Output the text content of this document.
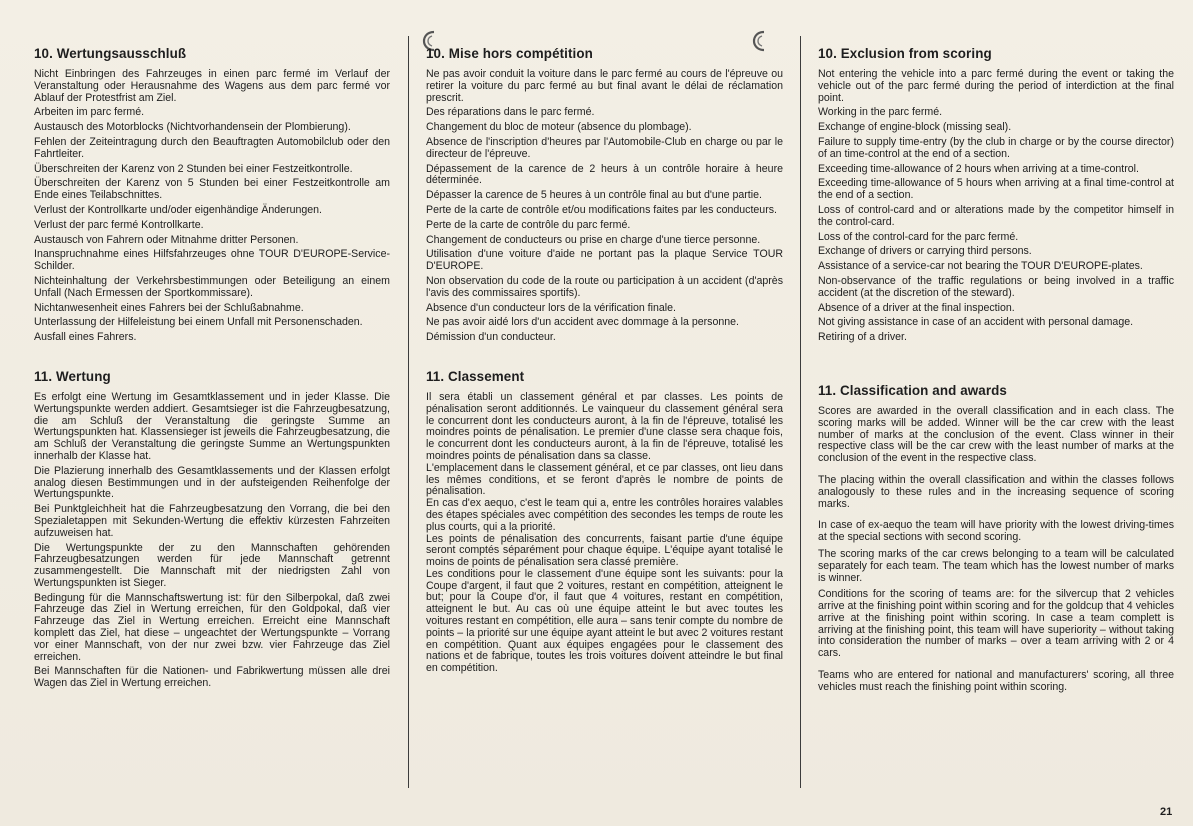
10. Wertungsausschluß
Nicht Einbringen des Fahrzeuges in einen parc fermé im Verlauf der Veranstaltung oder Herausnahme des Wagens aus dem parc fermé vor Ablauf der Protestfrist am Ziel.
Arbeiten im parc fermé.
Austausch des Motorblocks (Nichtvorhandensein der Plombierung).
Fehlen der Zeiteintragung durch den Beauftragten Automobilclub oder den Fahrtleiter.
Überschreiten der Karenz von 2 Stunden bei einer Festzeitkontrolle.
Überschreiten der Karenz von 5 Stunden bei einer Festzeitkontrolle am Ende eines Teilabschnittes.
Verlust der Kontrollkarte und/oder eigenhändige Änderungen.
Verlust der parc fermé Kontrollkarte.
Austausch von Fahrern oder Mitnahme dritter Personen.
Inanspruchnahme eines Hilfsfahrzeuges ohne TOUR D'EUROPE-Service-Schilder.
Nichteinhaltung der Verkehrsbestimmungen oder Beteiligung an einem Unfall (Nach Ermessen der Sportkommissare).
Nichtanwesenheit eines Fahrers bei der Schlußabnahme.
Unterlassung der Hilfeleistung bei einem Unfall mit Personenschaden.
Ausfall eines Fahrers.
11. Wertung
Es erfolgt eine Wertung im Gesamtklassement und in jeder Klasse. Die Wertungspunkte werden addiert. Gesamtsieger ist die Fahrzeugbesatzung, die am Schluß der Veranstaltung die geringste Summe an Wertungspunkten hat. Klassensieger ist jeweils die Fahrzeugbesatzung, die am Schluß der Veranstaltung die geringste Summe an Wertungspunkten innerhalb der Klasse hat.
Die Plazierung innerhalb des Gesamtklassements und der Klassen erfolgt analog diesen Bestimmungen und in der aufsteigenden Reihenfolge der Wertungspunkte.
Bei Punktgleichheit hat die Fahrzeugbesatzung den Vorrang, die bei den Spezialetappen mit Sekunden-Wertung die effektiv kürzesten Fahrzeiten aufzuweisen hat.
Die Wertungspunkte der zu den Mannschaften gehörenden Fahrzeugbesatzungen werden für jede Mannschaft getrennt zusammengestellt. Die Mannschaft mit der niedrigsten Zahl von Wertungspunkten ist Sieger.
Bedingung für die Mannschaftswertung ist: für den Silberpokal, daß zwei Fahrzeuge das Ziel in Wertung erreichen, für den Goldpokal, daß vier Fahrzeuge das Ziel in Wertung erreichen. Erreicht eine Mannschaft komplett das Ziel, hat diese – ungeachtet der Wertungspunkte – Vorrang vor einer Mannschaft, von der nur zwei bzw. vier Fahrzeuge das Ziel erreichen.
Bei Mannschaften für die Nationen- und Fabrikwertung müssen alle drei Wagen das Ziel in Wertung erreichen.
10. Mise hors compétition
Ne pas avoir conduit la voiture dans le parc fermé au cours de l'épreuve ou retirer la voiture du parc fermé au but final avant le délai de réclamation prescrit.
Des réparations dans le parc fermé.
Changement du bloc de moteur (absence du plombage).
Absence de l'inscription d'heures par l'Automobile-Club en charge ou par le directeur de l'épreuve.
Dépassement de la carence de 2 heurs à un contrôle horaire à heure déterminée.
Dépasser la carence de 5 heures à un contrôle final au but d'une partie.
Perte de la carte de contrôle et/ou modifications faites par les conducteurs.
Perte de la carte de contrôle du parc fermé.
Changement de conducteurs ou prise en charge d'une tierce personne.
Utilisation d'une voiture d'aide ne portant pas la plaque Service TOUR D'EUROPE.
Non observation du code de la route ou participation à un accident (d'après l'avis des commissaires sportifs).
Absence d'un conducteur lors de la vérification finale.
Ne pas avoir aidé lors d'un accident avec dommage à la personne.
Démission d'un conducteur.
11. Classement
Il sera établi un classement général et par classes. Les points de pénalisation seront additionnés. Le vainqueur du classement général sera le concurrent dont les conducteurs auront, à la fin de l'épreuve, totalisé les moindres points de pénalisation. Le premier d'une classe sera chaque fois, le concurrent dont les conducteurs auront, à la fin de l'épreuve, totalisé les moindres points de pénalisation dans sa classe.
L'emplacement dans le classement général, et ce par classes, ont lieu dans les mêmes conditions, et se feront d'après le nombre de points de pénalisation.
En cas d'ex aequo, c'est le team qui a, entre les contrôles horaires valables des étapes spéciales avec compétition des secondes les temps de route les plus courts, qui a la priorité.
Les points de pénalisation des concurrents, faisant partie d'une équipe seront comptés séparément pour chaque équipe. L'équipe ayant totalisé le moins de points de pénalisation sera classé première.
Les conditions pour le classement d'une équipe sont les suivants: pour la Coupe d'argent, il faut que 2 voitures, restant en compétition, atteignent le but; pour la Coupe d'or, il faut que 4 voitures, restant en compétition, atteignent le but. Au cas où une équipe atteint le but avec toutes les voitures restant en compétition, elle aura – sans tenir compte du nombre de points – la priorité sur une équipe ayant atteint le but avec 2 voitures restant en compétition. Quant aux équipes engagées pour le classement des nations et de fabrique, toutes les trois voitures doivent atteindre le but final en compétition.
10. Exclusion from scoring
Not entering the vehicle into a parc fermé during the event or taking the vehicle out of the parc fermé during the period of interdiction at the final point.
Working in the parc fermé.
Exchange of engine-block (missing seal).
Failure to supply time-entry (by the club in charge or by the course director) of an time-control at the end of a section.
Exceeding time-allowance of 2 hours when arriving at a time-control.
Exceeding time-allowance of 5 hours when arriving at a final time-control at the end of a section.
Loss of control-card and or alterations made by the competitor himself in the control-card.
Loss of the control-card for the parc fermé.
Exchange of drivers or carrying third persons.
Assistance of a service-car not bearing the TOUR D'EUROPE-plates.
Non-observance of the traffic regulations or being involved in a traffic accident (at the discretion of the steward).
Absence of a driver at the final inspection.
Not giving assistance in case of an accident with personal damage.
Retiring of a driver.
11. Classification and awards
Scores are awarded in the overall classification and in each class. The scoring marks will be added. Winner will be the car crew with the least number of marks at the conclusion of the event. Class winner in their respective class will be the car crew with the least number of marks at the conclusion of the event in the respective class.
The placing within the overall classification and within the classes follows analogously to these rules and in the increasing sequence of scoring marks.
In case of ex-aequo the team will have priority with the lowest driving-times at the special sections with second scoring.
The scoring marks of the car crews belonging to a team will be calculated separately for each team. The team which has the lowest number of marks is winner.
Conditions for the scoring of teams are: for the silvercup that 2 vehicles arrive at the finishing point within scoring and for the goldcup that 4 vehicles arrive at the finishing point within scoring. In case a team complett is arriving at the finishing point, this team will have superiority – without taking into consideration the number of marks – over a team arriving with 2 or 4 cars.
Teams who are entered for national and manufacturers' scoring, all three vehicles must reach the finishing point within scoring.
21
